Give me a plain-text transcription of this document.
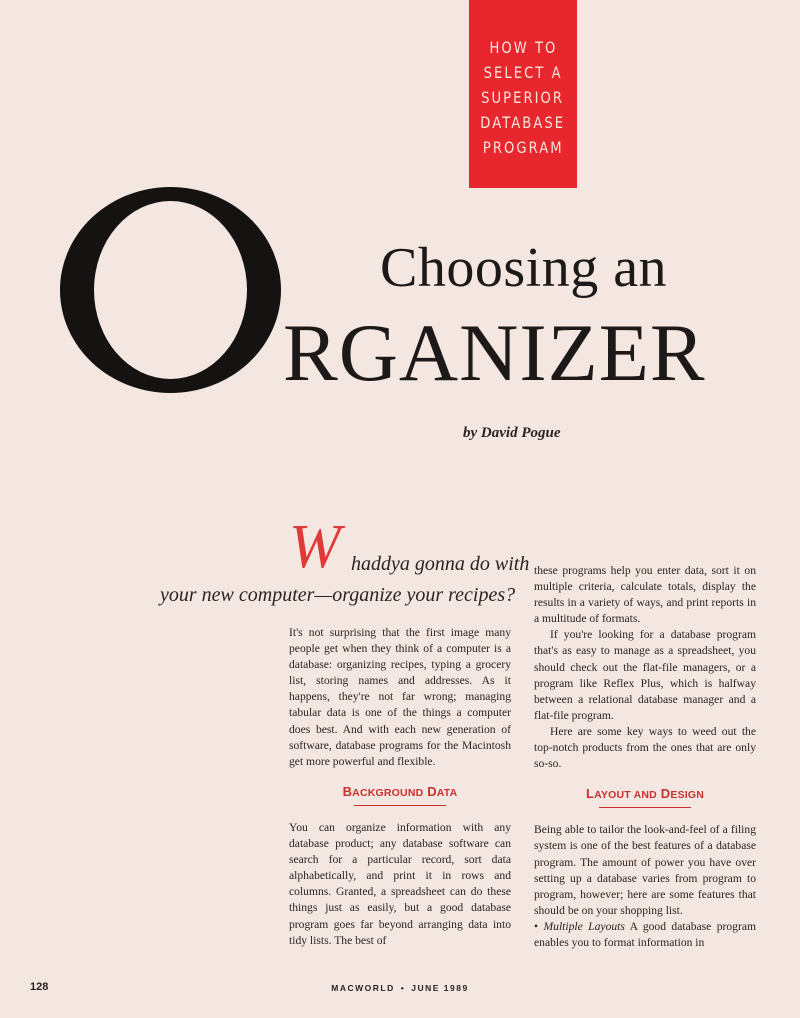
HOW TO
SELECT A
SUPERIOR
DATABASE
PROGRAM
Choosing an
RGANIZER
by David Pogue
W haddya gonna do with
your new computer—organize your recipes?

It's not surprising that the first image many people get when they think of a computer is a database: organizing recipes, typing a grocery list, storing names and addresses. As it happens, they're not far wrong; managing tabular data is one of the things a computer does best. And with each new generation of software, database programs for the Macintosh get more powerful and flexible.

BACKGROUND DATA

You can organize information with any database product; any database software can search for a particular record, sort data alphabetically, and print it in rows and columns. Granted, a spreadsheet can do these things just as easily, but a good database program goes far beyond arranging data into tidy lists. The best of

these programs help you enter data, sort it on multiple criteria, calculate totals, display the results in a variety of ways, and print reports in a multitude of formats.

If you're looking for a database program that's as easy to manage as a spreadsheet, you should check out the flat-file managers, or a program like Reflex Plus, which is halfway between a relational database manager and a flat-file program.

Here are some key ways to weed out the top-notch products from the ones that are only so-so.

LAYOUT AND DESIGN

Being able to tailor the look-and-feel of a filing system is one of the best features of a database program. The amount of power you have over setting up a database varies from program to program, however; here are some features that should be on your shopping list.

• Multiple Layouts A good database program enables you to format information in

128	MACWORLD • JUNE 1989
